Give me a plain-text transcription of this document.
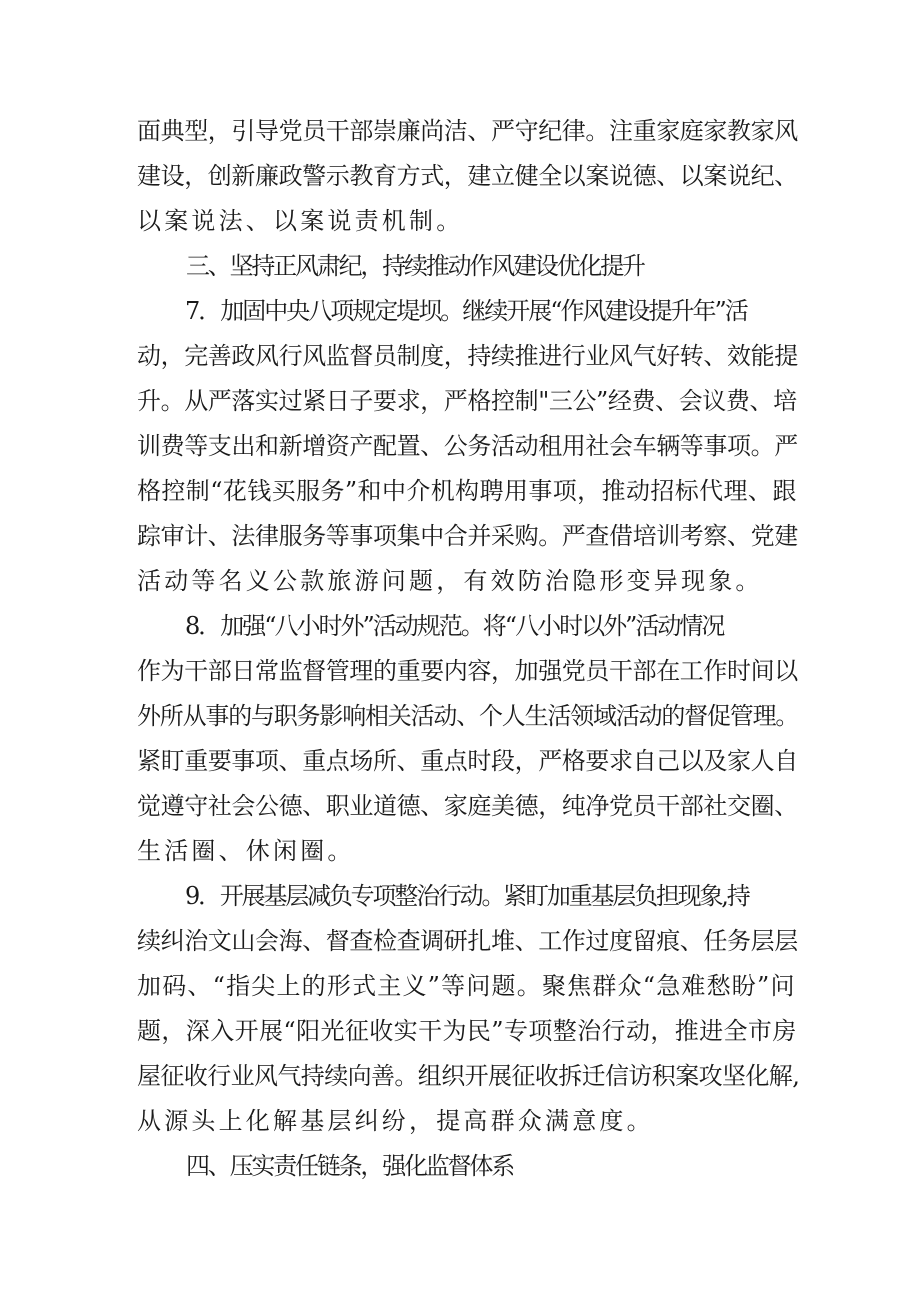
面典型，引导党员干部崇廉尚洁、严守纪律。注重家庭家教家风
建设，创新廉政警示教育方式，建立健全以案说德、以案说纪、
以案说法、以案说责机制。
三、坚持正风肃纪，持续推动作风建设优化提升
7．加固中央八项规定堤坝。继续开展“作风建设提升年”活
动，完善政风行风监督员制度，持续推进行业风气好转、效能提
升。从严落实过紧日子要求，严格控制"三公”经费、会议费、培
训费等支出和新增资产配置、公务活动租用社会车辆等事项。严
格控制“花钱买服务”和中介机构聘用事项，推动招标代理、跟
踪审计、法律服务等事项集中合并采购。严查借培训考察、党建
活动等名义公款旅游问题，有效防治隐形变异现象。
8．加强“八小时外”活动规范。将“八小时以外”活动情况
作为干部日常监督管理的重要内容，加强党员干部在工作时间以
外所从事的与职务影响相关活动、个人生活领域活动的督促管理。
紧盯重要事项、重点场所、重点时段，严格要求自己以及家人自
觉遵守社会公德、职业道德、家庭美德，纯净党员干部社交圈、
生活圈、休闲圈。
9．开展基层减负专项整治行动。紧盯加重基层负担现象,持
续纠治文山会海、督查检查调研扎堆、工作过度留痕、任务层层
加码、“指尖上的形式主义”等问题。聚焦群众“急难愁盼”问
题，深入开展“阳光征收实干为民”专项整治行动，推进全市房
屋征收行业风气持续向善。组织开展征收拆迁信访积案攻坚化解,
从源头上化解基层纠纷，提高群众满意度。
四、压实责任链条，强化监督体系
